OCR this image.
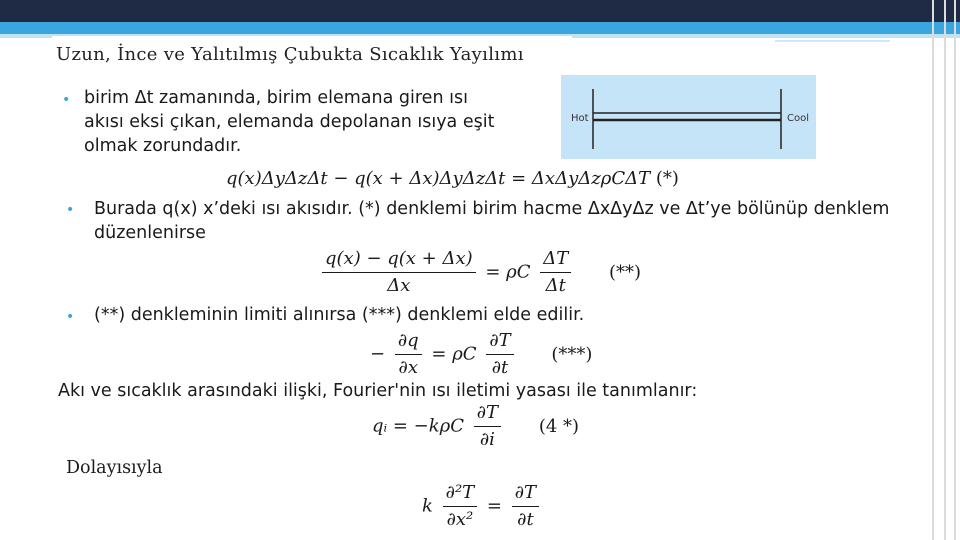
Uzun, İnce ve Yalıtılmış Çubukta Sıcaklık Yayılımı
Hot	Cool
• birim Δt zamanında, birim elemana giren ısı akısı eksi çıkan, elemanda depolanan ısıya eşit olmak zorundadır.
q(x)ΔyΔzΔt − q(x + Δx)ΔyΔzΔt = ΔxΔyΔzρCΔT (*)
• Burada q(x) x’deki ısı akısıdır. (*) denklemi birim hacme ΔxΔyΔz ve Δt’ye bölünüp denklem düzenlenirse
$\frac{q(x) - q(x + \Delta x)}{\Delta x} = \rho C \frac{\Delta T}{\Delta t}$ (**)
• (**) denkleminin limiti alınırsa (***) denklemi elde edilir.
− $\frac{\partial q}{\partial x} = \rho C \frac{\partial T}{\partial t}$ (***)
Akı ve sıcaklık arasındaki ilişki, Fourier'nin ısı iletimi yasası ile tanımlanır:
qᵢ = $-k\rho C \frac{\partial T}{\partial i} (4$ *)
Dolayısıyla
k $\frac{\text{∂²T}}{\text{∂x²}} = \frac{\partial T}{\partial t}$
